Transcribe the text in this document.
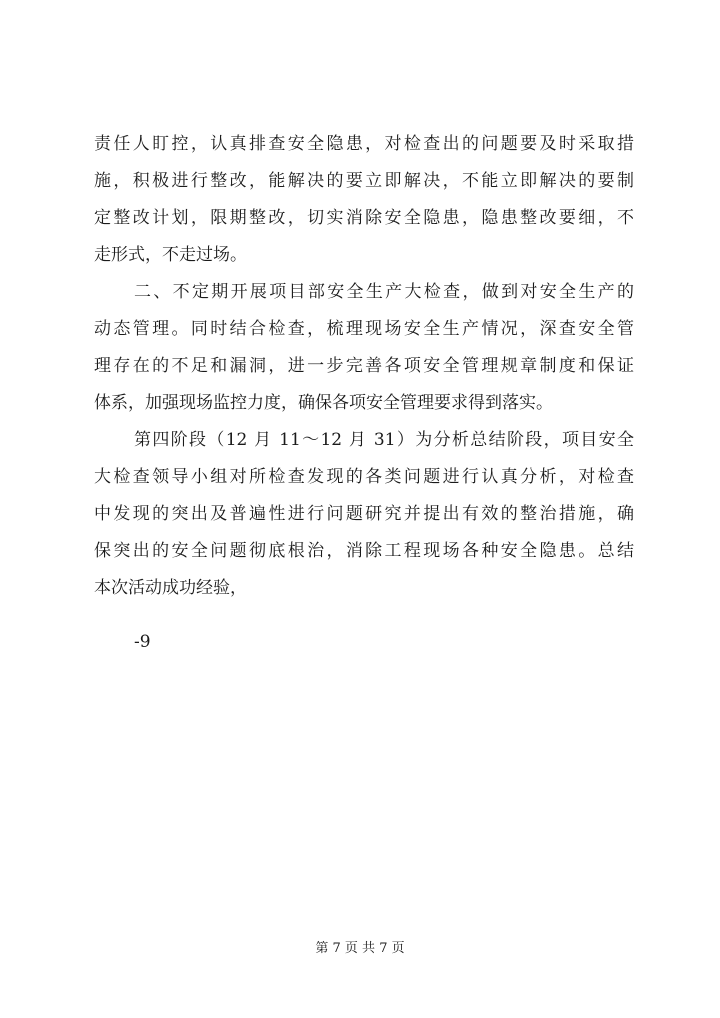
责任人盯控，认真排查安全隐患，对检查出的问题要及时采取措
施，积极进行整改，能解决的要立即解决，不能立即解决的要制
定整改计划，限期整改，切实消除安全隐患，隐患整改要细，不
走形式，不走过场。
二、不定期开展项目部安全生产大检查，做到对安全生产的
动态管理。同时结合检查，梳理现场安全生产情况，深查安全管
理存在的不足和漏洞，进一步完善各项安全管理规章制度和保证
体系，加强现场监控力度，确保各项安全管理要求得到落实。
第四阶段（12 月 11～12 月 31）为分析总结阶段，项目安全
大检查领导小组对所检查发现的各类问题进行认真分析，对检查
中发现的突出及普遍性进行问题研究并提出有效的整治措施，确
保突出的安全问题彻底根治，消除工程现场各种安全隐患。总结
本次活动成功经验，
-9
第 7 页 共 7 页
